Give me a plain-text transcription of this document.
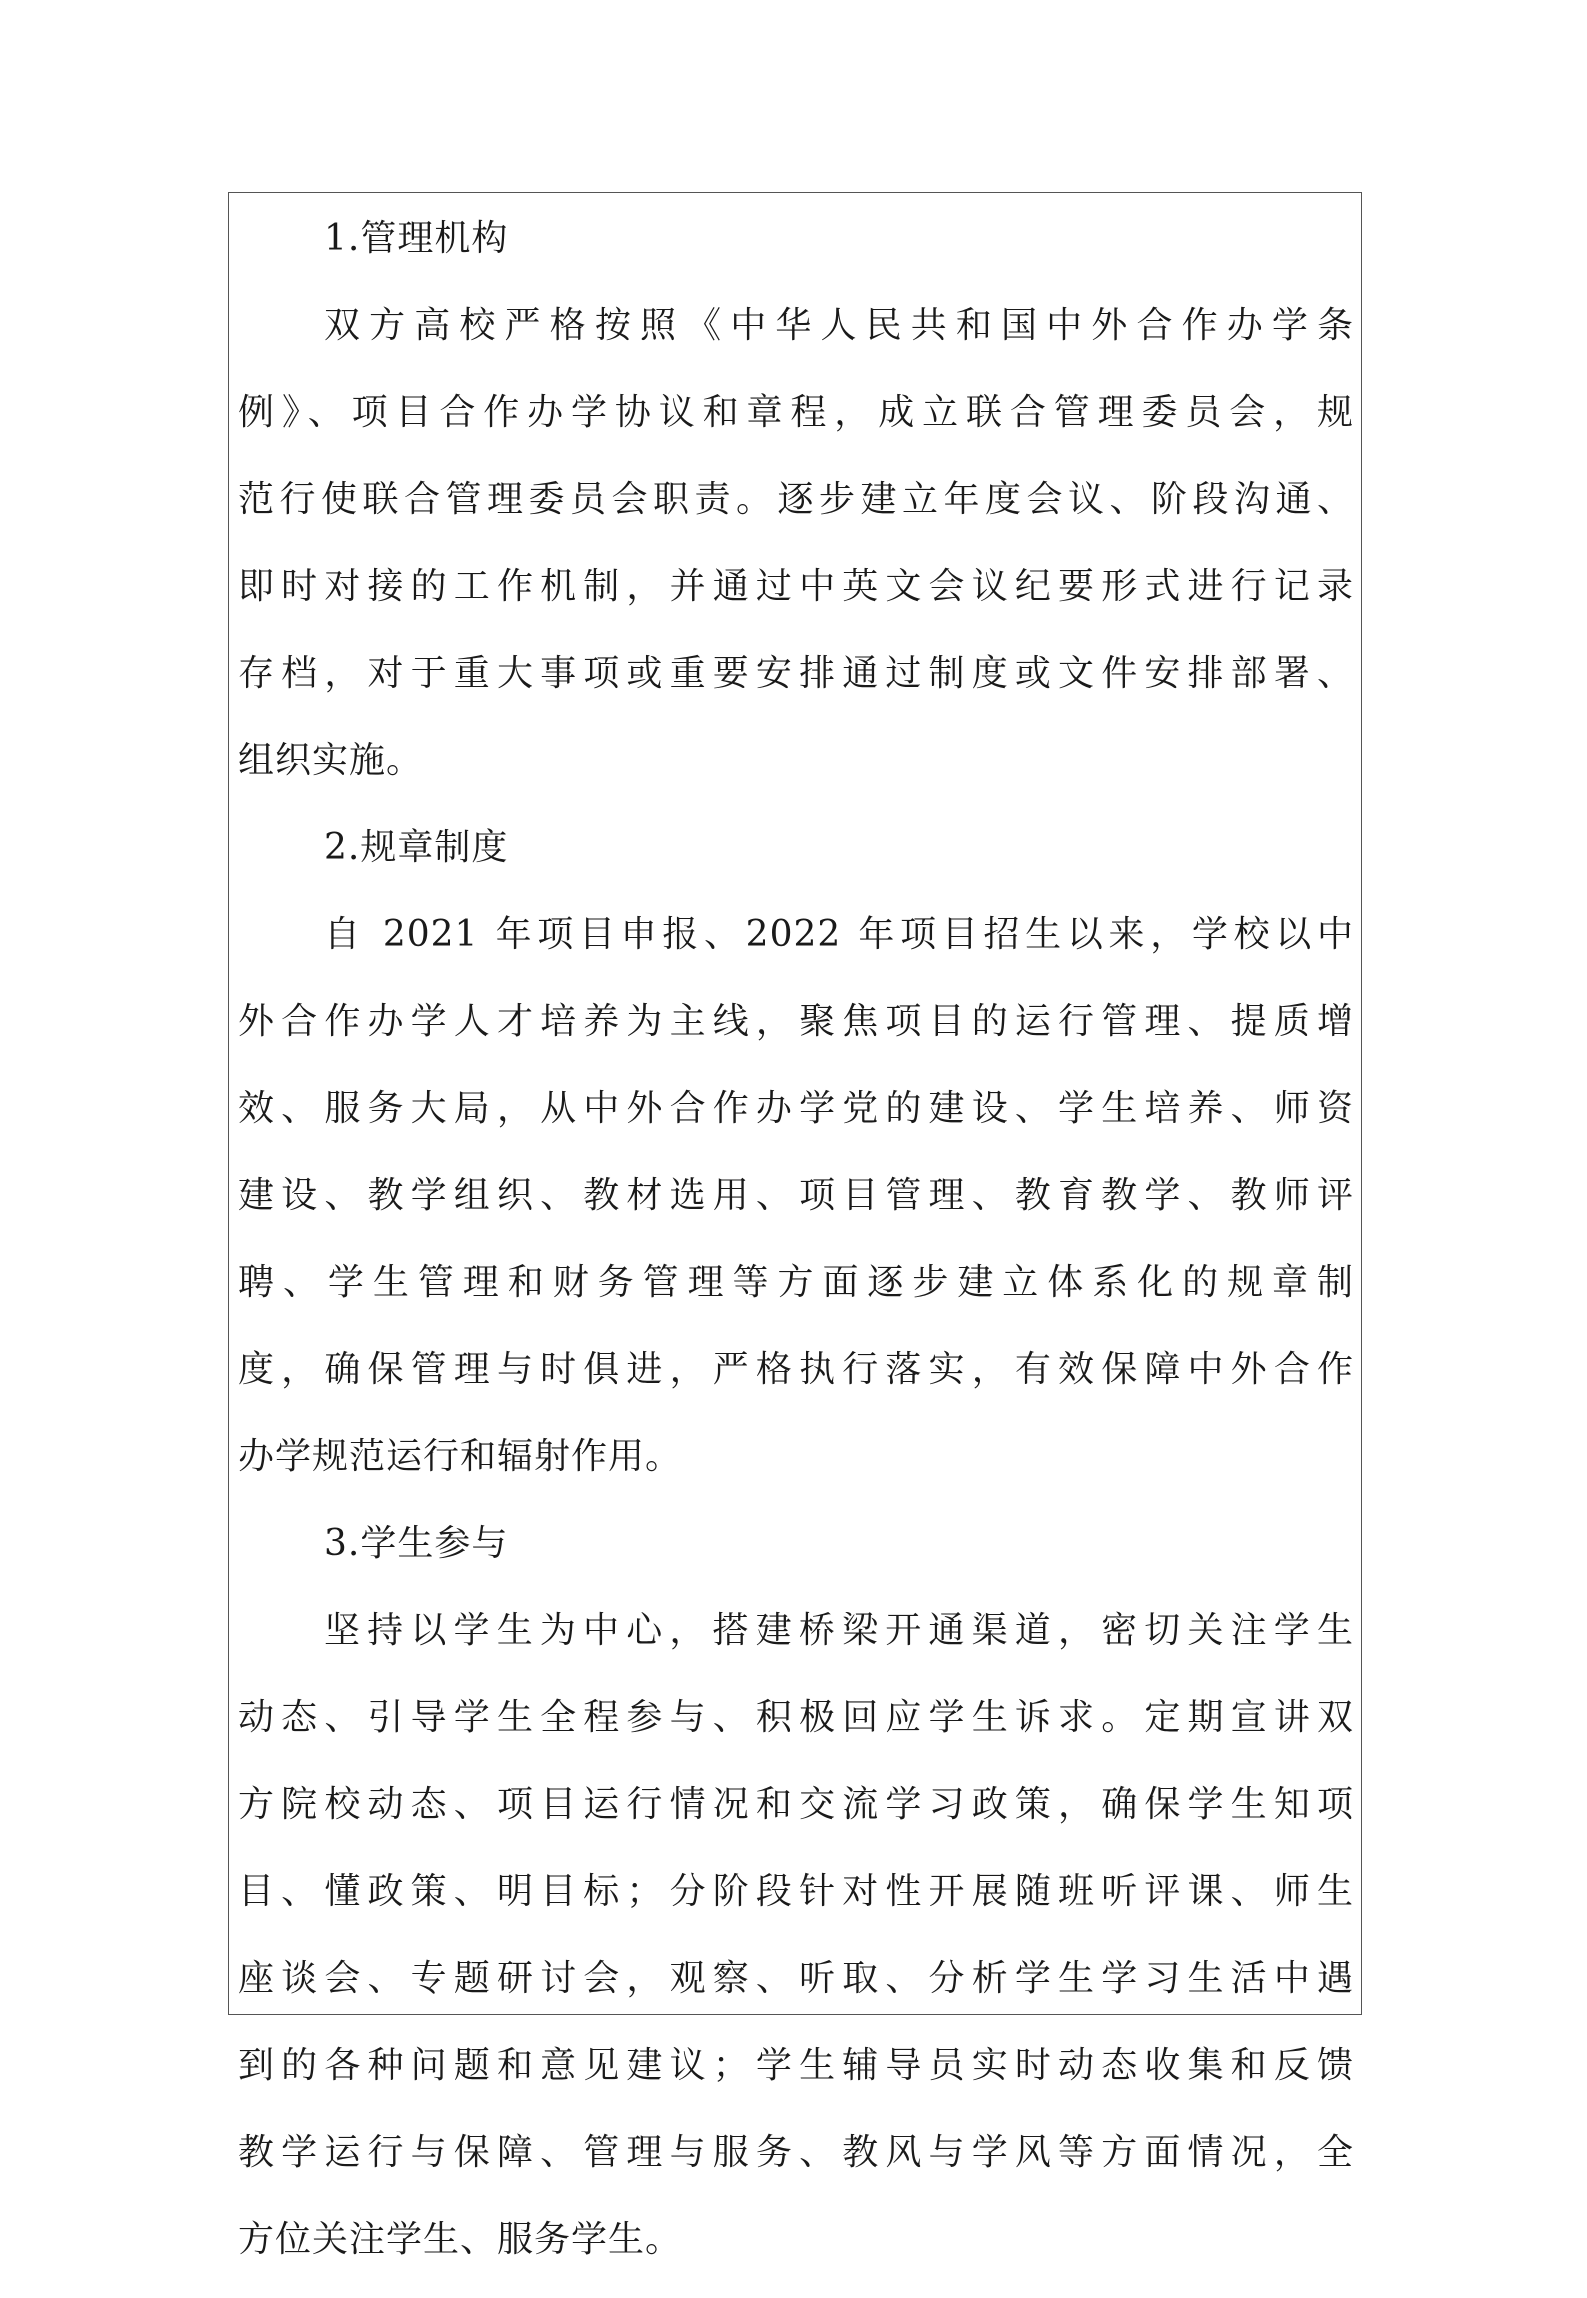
1.管理机构
双方高校严格按照《中华人民共和国中外合作办学条
例》、项目合作办学协议和章程，成立联合管理委员会，规
范行使联合管理委员会职责。逐步建立年度会议、阶段沟通、
即时对接的工作机制，并通过中英文会议纪要形式进行记录
存档，对于重大事项或重要安排通过制度或文件安排部署、
组织实施。
2.规章制度
自 2021 年项目申报、2022 年项目招生以来，学校以中
外合作办学人才培养为主线，聚焦项目的运行管理、提质增
效、服务大局，从中外合作办学党的建设、学生培养、师资
建设、教学组织、教材选用、项目管理、教育教学、教师评
聘、学生管理和财务管理等方面逐步建立体系化的规章制
度，确保管理与时俱进，严格执行落实，有效保障中外合作
办学规范运行和辐射作用。
3.学生参与
坚持以学生为中心，搭建桥梁开通渠道，密切关注学生
动态、引导学生全程参与、积极回应学生诉求。定期宣讲双
方院校动态、项目运行情况和交流学习政策，确保学生知项
目、懂政策、明目标；分阶段针对性开展随班听评课、师生
座谈会、专题研讨会，观察、听取、分析学生学习生活中遇
到的各种问题和意见建议；学生辅导员实时动态收集和反馈
教学运行与保障、管理与服务、教风与学风等方面情况，全
方位关注学生、服务学生。
